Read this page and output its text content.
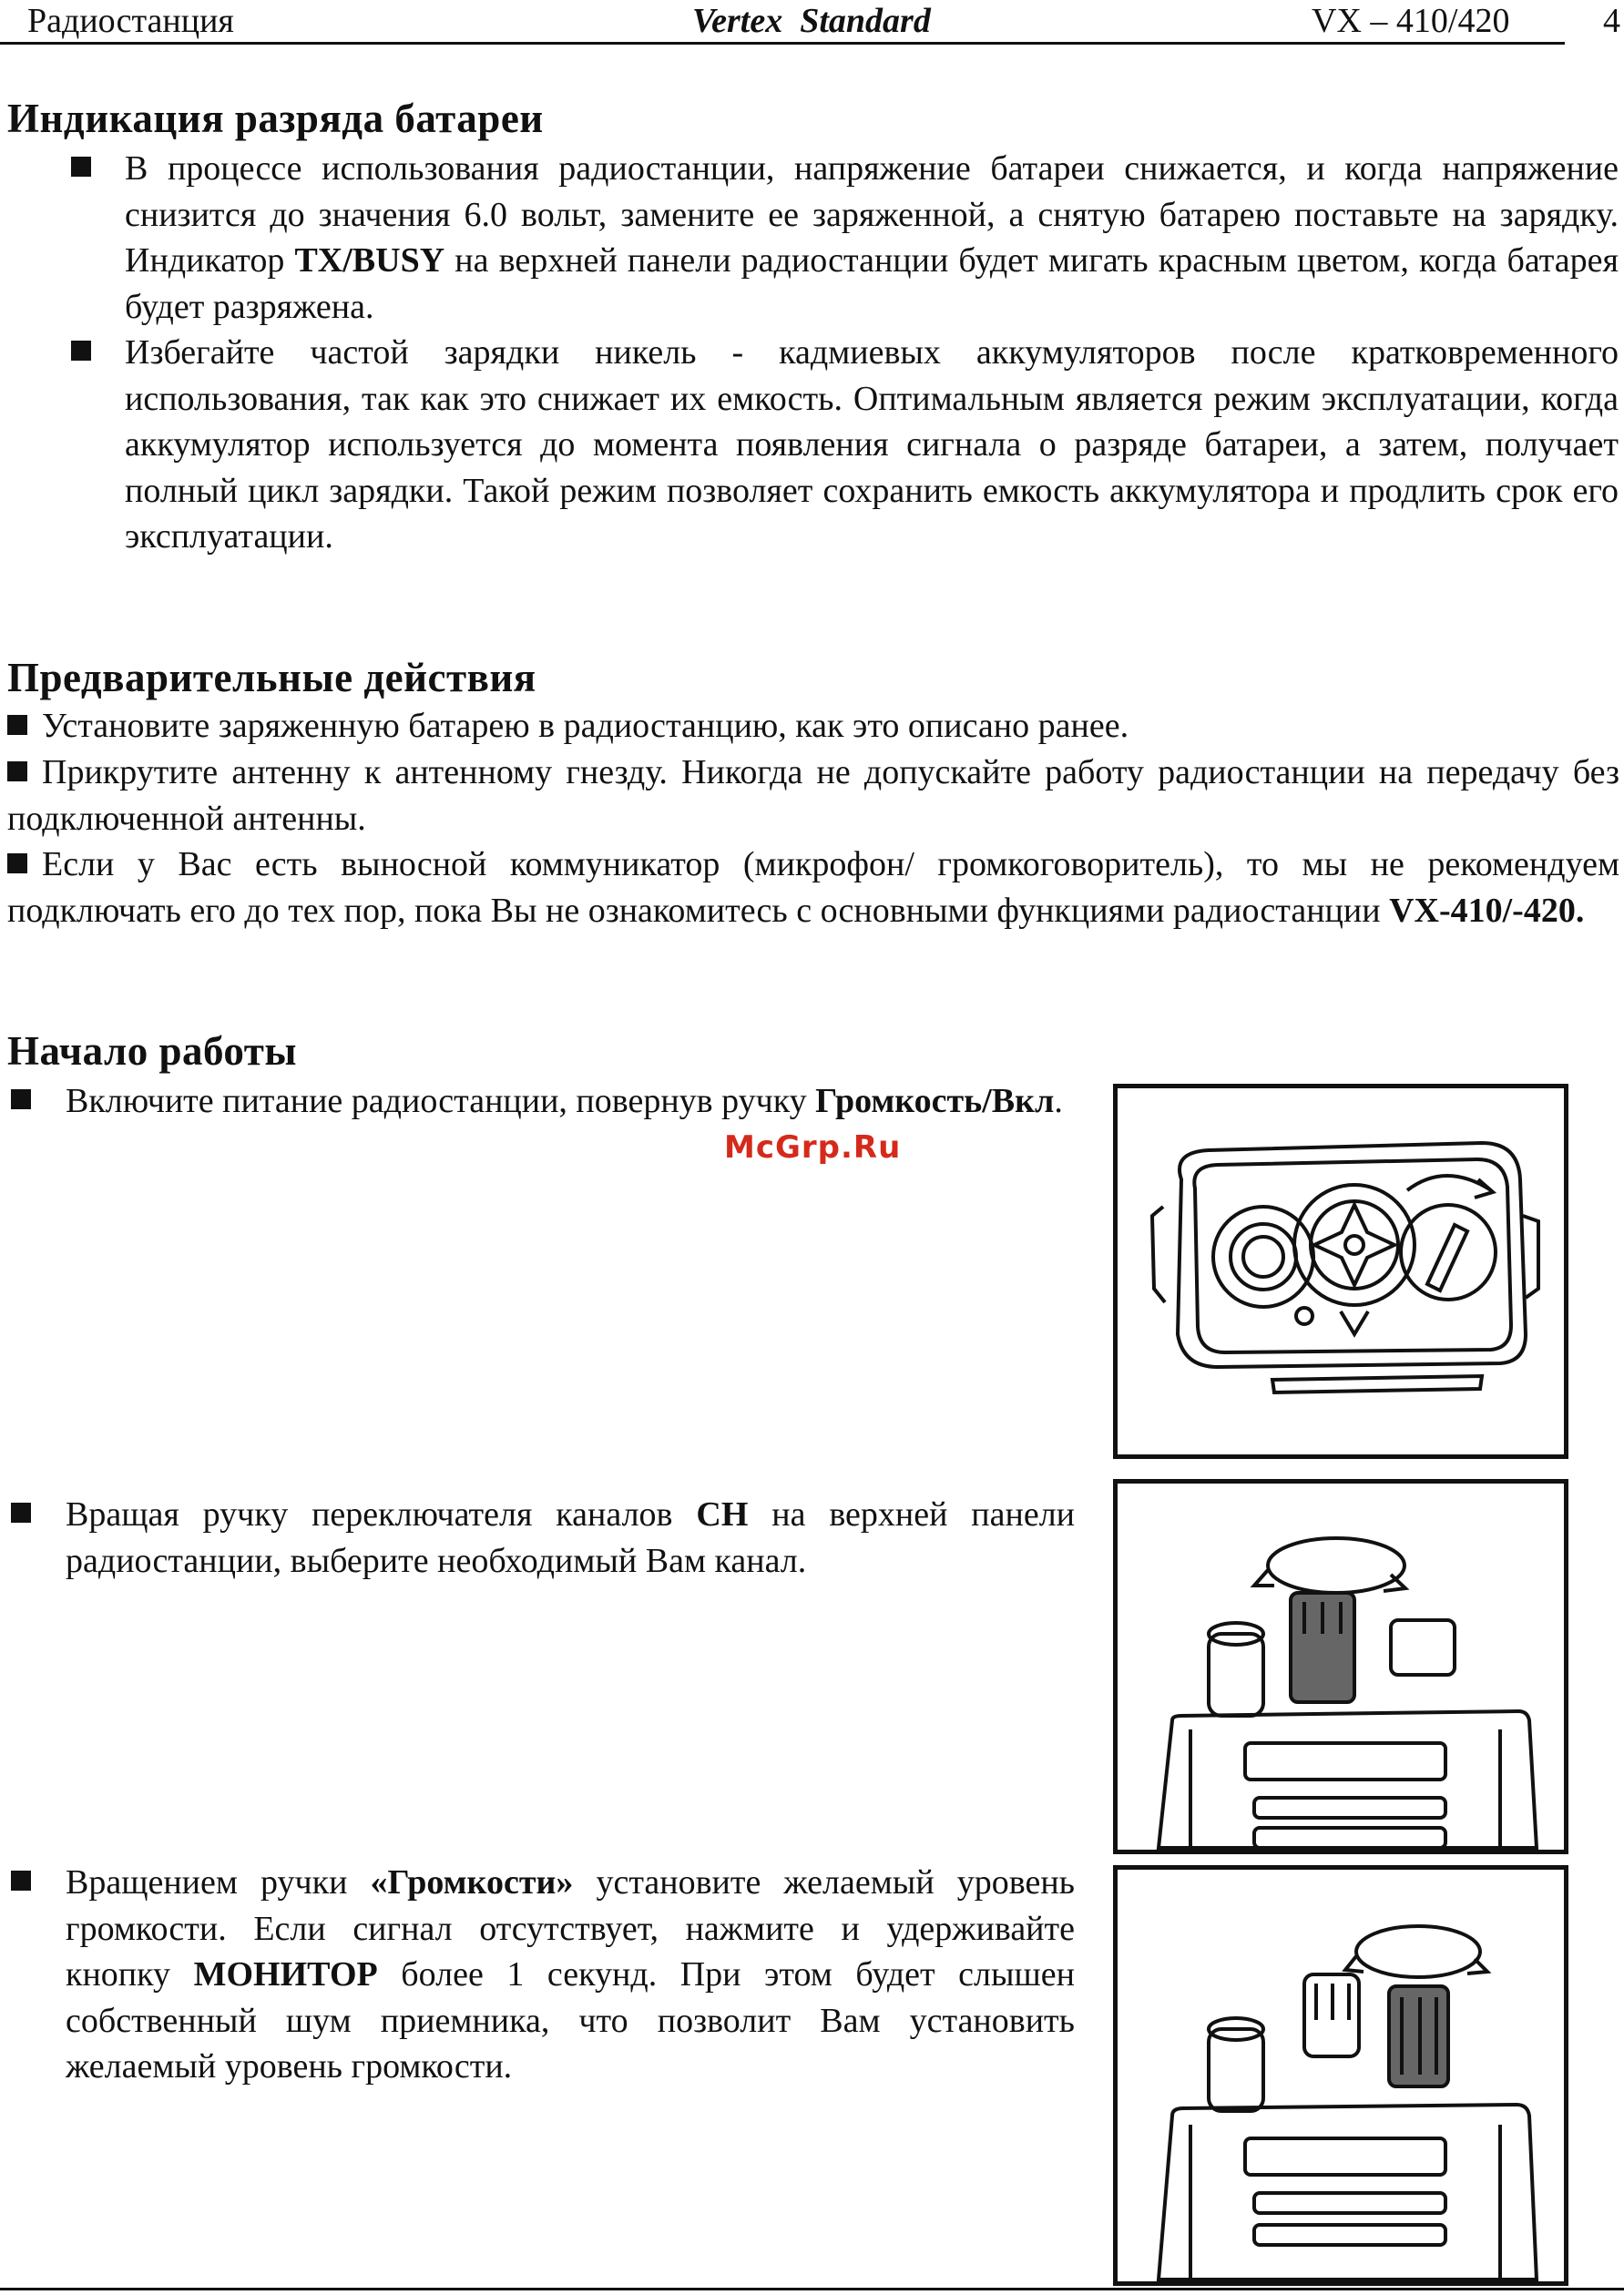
Радиостанция	Vertex  Standard	VX – 410/420	4
Индикация разряда батареи
В процессе использования радиостанции, напряжение батареи снижается, и когда напряжение снизится до значения 6.0 вольт, замените ее заряженной, а снятую батарею поставьте на зарядку. Индикатор TX/BUSY на верхней панели радиостанции будет мигать красным цветом, когда батарея будет разряжена.
Избегайте частой зарядки никель - кадмиевых аккумуляторов после кратковременного использования, так как это снижает их емкость. Оптимальным является режим эксплуатации, когда аккумулятор используется до момента появления сигнала о разряде батареи, а затем, получает полный цикл зарядки. Такой режим позволяет сохранить емкость аккумулятора и продлить срок его эксплуатации.
Предварительные действия
Установите заряженную батарею в радиостанцию, как это описано ранее.
Прикрутите антенну к антенному гнезду. Никогда не допускайте работу радиостанции на передачу без подключенной антенны.
Если у Вас есть выносной коммуникатор (микрофон/ громкоговоритель), то мы не рекомендуем подключать его до тех пор, пока Вы не ознакомитесь с основными функциями радиостанции VX-410/-420.
Начало работы
Включите питание радиостанции, повернув ручку Громкость/Вкл.
McGrp.Ru
Вращая ручку переключателя каналов CH на верхней панели радиостанции, выберите необходимый Вам канал.
Вращением ручки «Громкости» установите желаемый уровень громкости. Если сигнал отсутствует, нажмите и удерживайте кнопку МОНИТОР более 1 секунд. При этом будет слышен собственный шум приемника, что позволит Вам установить желаемый уровень громкости.
